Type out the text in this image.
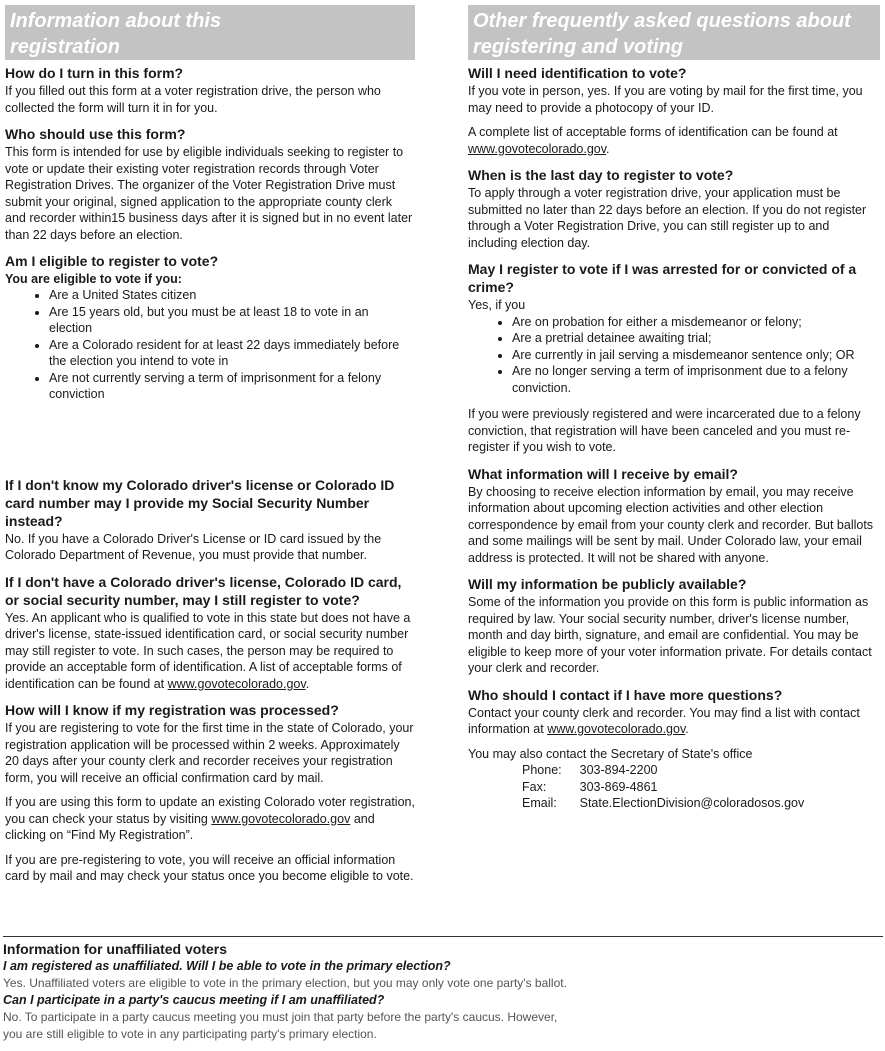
Information about this
registration
How do I turn in this form?

If you filled out this form at a voter registration drive, the person who collected the form will turn it in for you.

Who should use this form?

This form is intended for use by eligible individuals seeking to register to vote or update their existing voter registration records through Voter Registration Drives. The organizer of the Voter Registration Drive must submit your original, signed application to the appropriate county clerk and recorder within15 business days after it is signed but in no event later than 22 days before an election.

Am I eligible to register to vote?

You are eligible to vote if you:

• Are a United States citizen
• Are 15 years old, but you must be at least 18 to vote in an election
• Are a Colorado resident for at least 22 days immediately before the election you intend to vote in
• Are not currently serving a term of imprisonment for a felony conviction
If I don't know my Colorado driver's license or Colorado ID card number may I provide my Social Security Number instead?

No. If you have a Colorado Driver's License or ID card issued by the Colorado Department of Revenue, you must provide that number.

If I don't have a Colorado driver's license, Colorado ID card, or social security number, may I still register to vote?

Yes. An applicant who is qualified to vote in this state but does not have a driver's license, state-issued identification card, or social security number may still register to vote. In such cases, the person may be required to provide an acceptable form of identification. A list of acceptable forms of identification can be found at www.govotecolorado.gov.

How will I know if my registration was processed?

If you are registering to vote for the first time in the state of Colorado, your registration application will be processed within 2 weeks. Approximately 20 days after your county clerk and recorder receives your registration form, you will receive an official confirmation card by mail.

If you are using this form to update an existing Colorado voter registration, you can check your status by visiting www.govotecolorado.gov and clicking on “Find My Registration”.

If you are pre-registering to vote, you will receive an official information card by mail and may check your status once you become eligible to vote.

Other frequently asked questions about
registering and voting
Will I need identification to vote?

If you vote in person, yes. If you are voting by mail for the first time, you may need to provide a photocopy of your ID.

A complete list of acceptable forms of identification can be found at www.govotecolorado.gov.

When is the last day to register to vote?

To apply through a voter registration drive, your application must be submitted no later than 22 days before an election. If you do not register through a Voter Registration Drive, you can still register up to and including election day.

May I register to vote if I was arrested for or convicted of a crime?

Yes, if you

• Are on probation for either a misdemeanor or felony;
• Are a pretrial detainee awaiting trial;
• Are currently in jail serving a misdemeanor sentence only; OR
• Are no longer serving a term of imprisonment due to a felony conviction.

If you were previously registered and were incarcerated due to a felony conviction, that registration will have been canceled and you must re-register if you wish to vote.

What information will I receive by email?

By choosing to receive election information by email, you may receive information about upcoming election activities and other election correspondence by email from your county clerk and recorder. But ballots and some mailings will be sent by mail. Under Colorado law, your email address is protected. It will not be shared with anyone.

Will my information be publicly available?

Some of the information you provide on this form is public information as required by law. Your social security number, driver's license number, month and day birth, signature, and email are confidential. You may be eligible to keep more of your voter information private. For details contact your clerk and recorder.

Who should I contact if I have more questions?

Contact your county clerk and recorder. You may find a list with contact information at www.govotecolorado.gov.

You may also contact the Secretary of State's office

Phone:	303-894-2200
Fax:	303-869-4861
Email:	State.ElectionDivision@coloradosos.gov

Information for unaffiliated voters

I am registered as unaffiliated. Will I be able to vote in the primary election?

Yes. Unaffiliated voters are eligible to vote in the primary election, but you may only vote one party's ballot.

Can I participate in a party's caucus meeting if I am unaffiliated?

No. To participate in a party caucus meeting you must join that party before the party's caucus. However,

you are still eligible to vote in any participating party's primary election.
